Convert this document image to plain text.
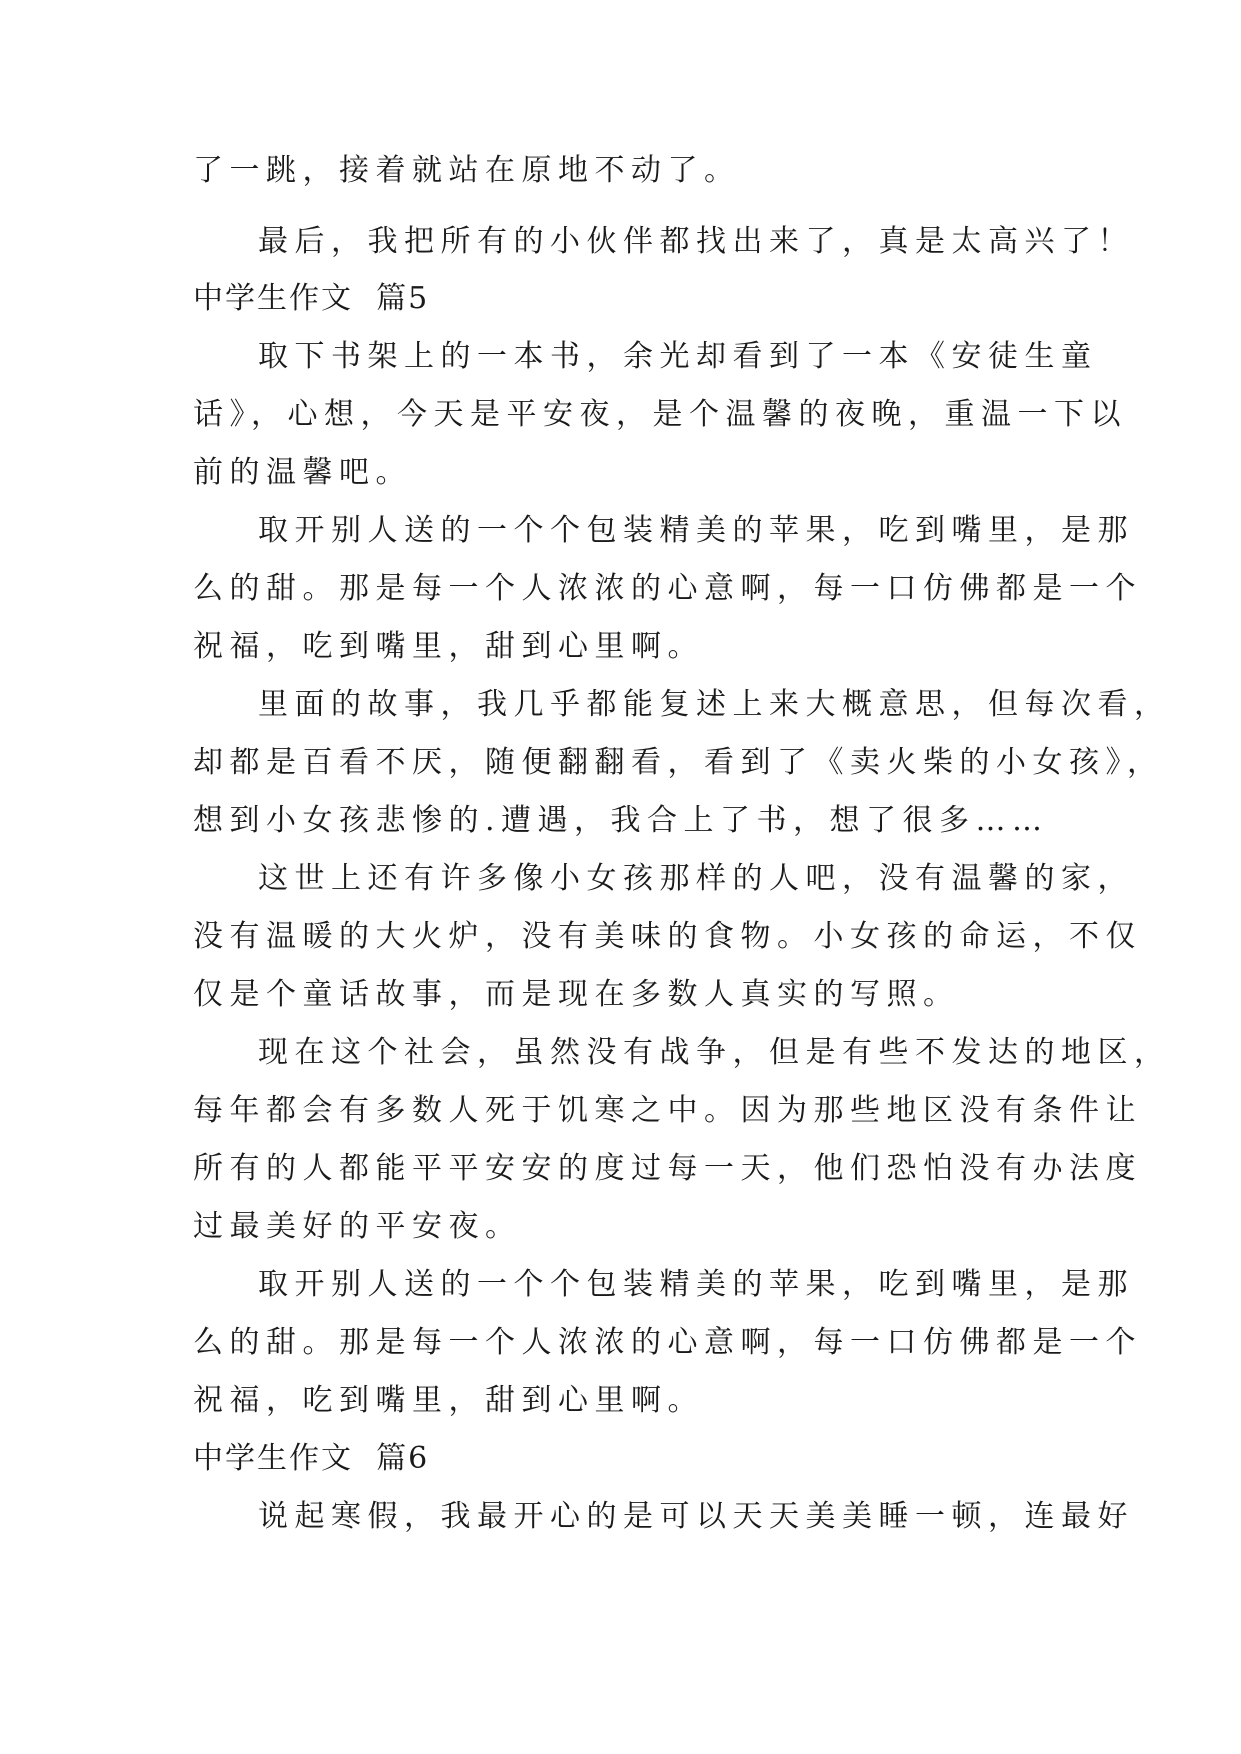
了一跳，接着就站在原地不动了。
最后，我把所有的小伙伴都找出来了，真是太高兴了！
中学生作文  篇5
取下书架上的一本书，余光却看到了一本《安徒生童
话》，心想，今天是平安夜，是个温馨的夜晚，重温一下以
前的温馨吧。
取开别人送的一个个包装精美的苹果，吃到嘴里，是那
么的甜。那是每一个人浓浓的心意啊，每一口仿佛都是一个
祝福，吃到嘴里，甜到心里啊。
里面的故事，我几乎都能复述上来大概意思，但每次看，
却都是百看不厌，随便翻翻看，看到了《卖火柴的小女孩》，
想到小女孩悲惨的.遭遇，我合上了书，想了很多……
这世上还有许多像小女孩那样的人吧，没有温馨的家，
没有温暖的大火炉，没有美味的食物。小女孩的命运，不仅
仅是个童话故事，而是现在多数人真实的写照。
现在这个社会，虽然没有战争，但是有些不发达的地区，
每年都会有多数人死于饥寒之中。因为那些地区没有条件让
所有的人都能平平安安的度过每一天，他们恐怕没有办法度
过最美好的平安夜。
取开别人送的一个个包装精美的苹果，吃到嘴里，是那
么的甜。那是每一个人浓浓的心意啊，每一口仿佛都是一个
祝福，吃到嘴里，甜到心里啊。
中学生作文  篇6
说起寒假，我最开心的是可以天天美美睡一顿，连最好
